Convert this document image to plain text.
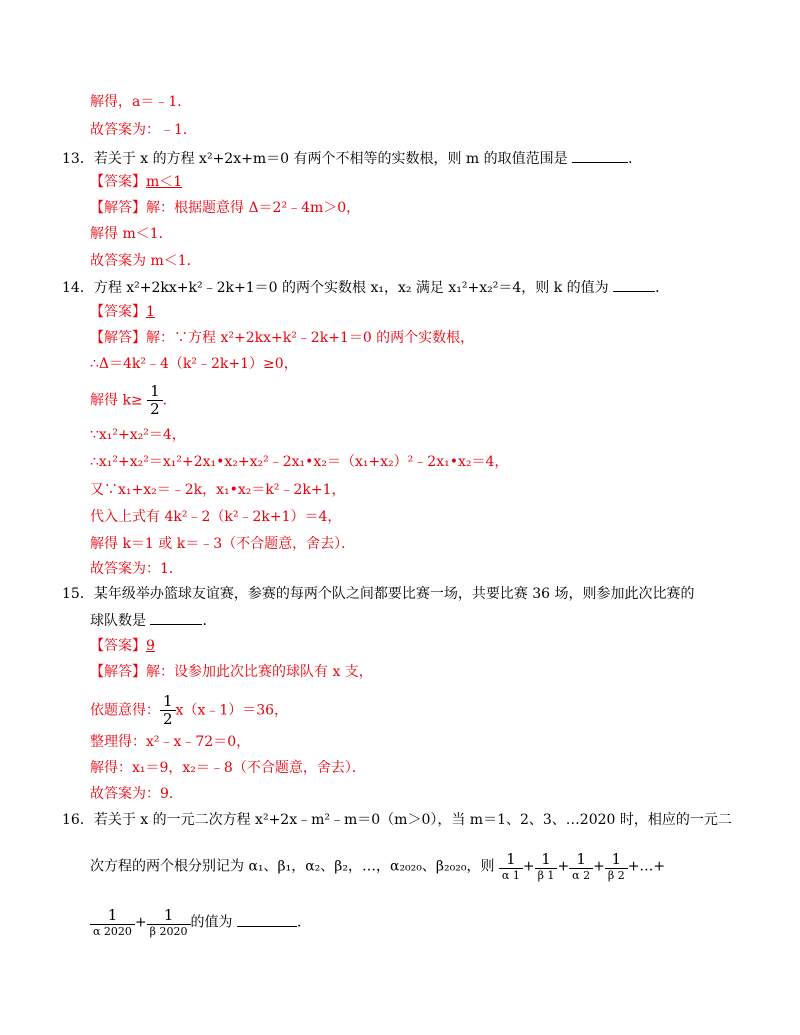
解得，a＝﹣1．
故答案为：﹣1．
13．若关于 x 的方程 x²+2x+m＝0 有两个不相等的实数根，则 m 的取值范围是	．
【答案】m＜1
【解答】解：根据题意得 Δ＝2²﹣4m＞0，
解得 m＜1．
故答案为 m＜1．
14．方程 x²+2kx+k²﹣2k+1＝0 的两个实数根 x₁，x₂ 满足 x₁²+x₂²＝4，则 k 的值为	．
【答案】1
【解答】解：∵方程 x²+2kx+k²﹣2k+1＝0 的两个实数根，
∴Δ＝4k²﹣4（k²﹣2k+1）≥0，
解得 $k\ge \frac{1}{2}$ ．
∵x₁²+x₂²＝4，
∴x₁²+x₂²＝x₁²+2x₁•x₂+x₂²﹣2x₁•x₂＝（x₁+x₂）²﹣2x₁•x₂＝4，
又∵x₁+x₂＝﹣2k，x₁•x₂＝k²﹣2k+1，
代入上式有 4k²﹣2（k²﹣2k+1）＝4，
解得 k＝1 或 k＝﹣3（不合题意，舍去）．
故答案为：1．
15．某年级举办篮球友谊赛，参赛的每两个队之间都要比赛一场，共要比赛 36 场，则参加此次比赛的
球队数是	．
【答案】9
【解答】解：设参加此次比赛的球队有 x 支，
依题意得： $\frac{1}{2}$ x（x﹣1）＝36，
整理得：x²﹣x﹣72＝0，
解得：x₁＝9，x₂＝﹣8（不合题意，舍去）．
故答案为：9．
16．若关于 x 的一元二次方程 x²+2x﹣m²﹣m＝0（m＞0），当 m＝1、2、3、…2020 时，相应的一元二
次方程的两个根分别记为 α₁、β₁，α₂、β₂，…，α₂₀₂₀、β₂₀₂₀，则 $\frac{1}{\alpha 1} + \frac{1}{\beta 1} + \frac{1}{\alpha 2} + \frac{1}{\beta 2}$ +…+
$\frac{1}{\alpha 2020} + \frac{1}{\beta 2020}$ 的值为	．
